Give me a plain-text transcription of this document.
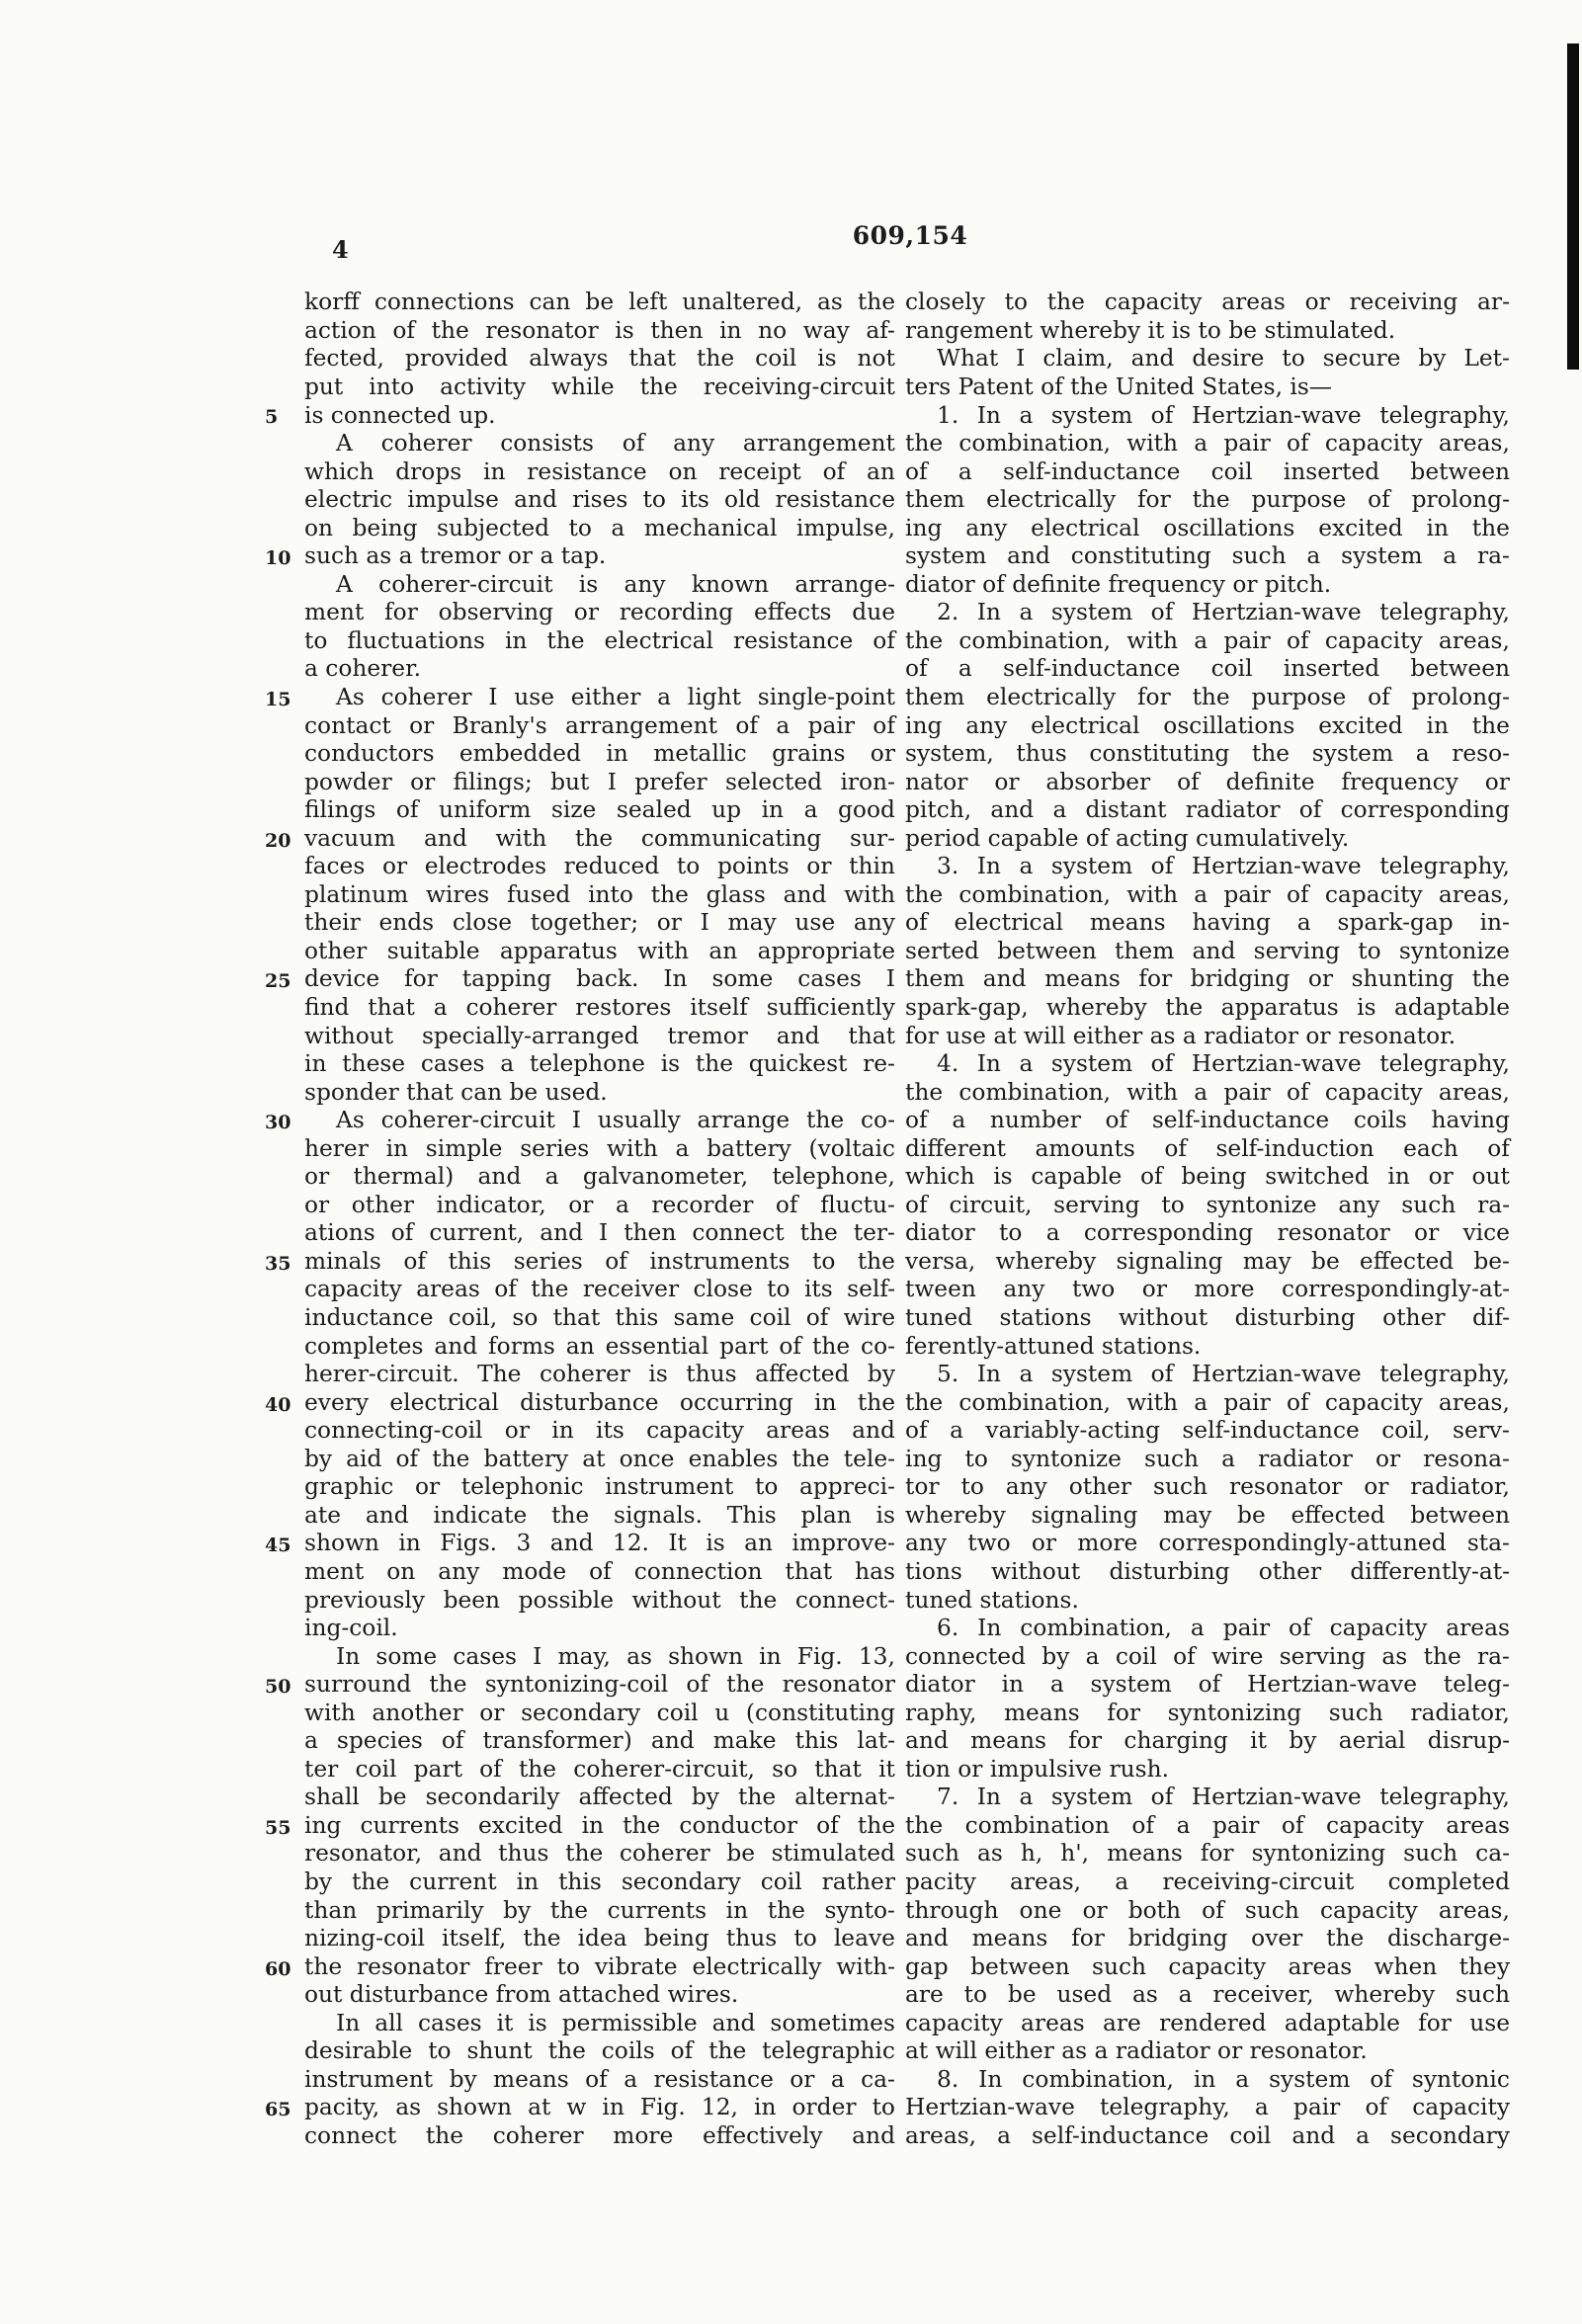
4	609,154
5
10
15
20
25
30
35
40
45
50
55
60
65
korff connections can be left unaltered, as the
action of the resonator is then in no way af-
fected, provided always that the coil is not
put into activity while the receiving-circuit
is connected up.
A coherer consists of any arrangement
which drops in resistance on receipt of an
electric impulse and rises to its old resistance
on being subjected to a mechanical impulse,
such as a tremor or a tap.
A coherer-circuit is any known arrange-
ment for observing or recording effects due
to fluctuations in the electrical resistance of
a coherer.
As coherer I use either a light single-point
contact or Branly's arrangement of a pair of
conductors embedded in metallic grains or
powder or filings; but I prefer selected iron-
filings of uniform size sealed up in a good
vacuum and with the communicating sur-
faces or electrodes reduced to points or thin
platinum wires fused into the glass and with
their ends close together; or I may use any
other suitable apparatus with an appropriate
device for tapping back. In some cases I
find that a coherer restores itself sufficiently
without specially-arranged tremor and that
in these cases a telephone is the quickest re-
sponder that can be used.
As coherer-circuit I usually arrange the co-
herer in simple series with a battery (voltaic
or thermal) and a galvanometer, telephone,
or other indicator, or a recorder of fluctu-
ations of current, and I then connect the ter-
minals of this series of instruments to the
capacity areas of the receiver close to its self-
inductance coil, so that this same coil of wire
completes and forms an essential part of the co-
herer-circuit. The coherer is thus affected by
every electrical disturbance occurring in the
connecting-coil or in its capacity areas and
by aid of the battery at once enables the tele-
graphic or telephonic instrument to appreci-
ate and indicate the signals. This plan is
shown in Figs. 3 and 12. It is an improve-
ment on any mode of connection that has
previously been possible without the connect-
ing-coil.
In some cases I may, as shown in Fig. 13,
surround the syntonizing-coil of the resonator
with another or secondary coil u (constituting
a species of transformer) and make this lat-
ter coil part of the coherer-circuit, so that it
shall be secondarily affected by the alternat-
ing currents excited in the conductor of the
resonator, and thus the coherer be stimulated
by the current in this secondary coil rather
than primarily by the currents in the synto-
nizing-coil itself, the idea being thus to leave
the resonator freer to vibrate electrically with-
out disturbance from attached wires.
In all cases it is permissible and sometimes
desirable to shunt the coils of the telegraphic
instrument by means of a resistance or a ca-
pacity, as shown at w in Fig. 12, in order to
connect the coherer more effectively and
closely to the capacity areas or receiving ar-
rangement whereby it is to be stimulated.
What I claim, and desire to secure by Let-
ters Patent of the United States, is—
1. In a system of Hertzian-wave telegraphy,
the combination, with a pair of capacity areas,
of a self-inductance coil inserted between
them electrically for the purpose of prolong-
ing any electrical oscillations excited in the
system and constituting such a system a ra-
diator of definite frequency or pitch.
2. In a system of Hertzian-wave telegraphy,
the combination, with a pair of capacity areas,
of a self-inductance coil inserted between
them electrically for the purpose of prolong-
ing any electrical oscillations excited in the
system, thus constituting the system a reso-
nator or absorber of definite frequency or
pitch, and a distant radiator of corresponding
period capable of acting cumulatively.
3. In a system of Hertzian-wave telegraphy,
the combination, with a pair of capacity areas,
of electrical means having a spark-gap in-
serted between them and serving to syntonize
them and means for bridging or shunting the
spark-gap, whereby the apparatus is adaptable
for use at will either as a radiator or resonator.
4. In a system of Hertzian-wave telegraphy,
the combination, with a pair of capacity areas,
of a number of self-inductance coils having
different amounts of self-induction each of
which is capable of being switched in or out
of circuit, serving to syntonize any such ra-
diator to a corresponding resonator or vice
versa, whereby signaling may be effected be-
tween any two or more correspondingly-at-
tuned stations without disturbing other dif-
ferently-attuned stations.
5. In a system of Hertzian-wave telegraphy,
the combination, with a pair of capacity areas,
of a variably-acting self-inductance coil, serv-
ing to syntonize such a radiator or resona-
tor to any other such resonator or radiator,
whereby signaling may be effected between
any two or more correspondingly-attuned sta-
tions without disturbing other differently-at-
tuned stations.
6. In combination, a pair of capacity areas
connected by a coil of wire serving as the ra-
diator in a system of Hertzian-wave teleg-
raphy, means for syntonizing such radiator,
and means for charging it by aerial disrup-
tion or impulsive rush.
7. In a system of Hertzian-wave telegraphy,
the combination of a pair of capacity areas
such as h, h', means for syntonizing such ca-
pacity areas, a receiving-circuit completed
through one or both of such capacity areas,
and means for bridging over the discharge-
gap between such capacity areas when they
are to be used as a receiver, whereby such
capacity areas are rendered adaptable for use
at will either as a radiator or resonator.
8. In combination, in a system of syntonic
Hertzian-wave telegraphy, a pair of capacity
areas, a self-inductance coil and a secondary
